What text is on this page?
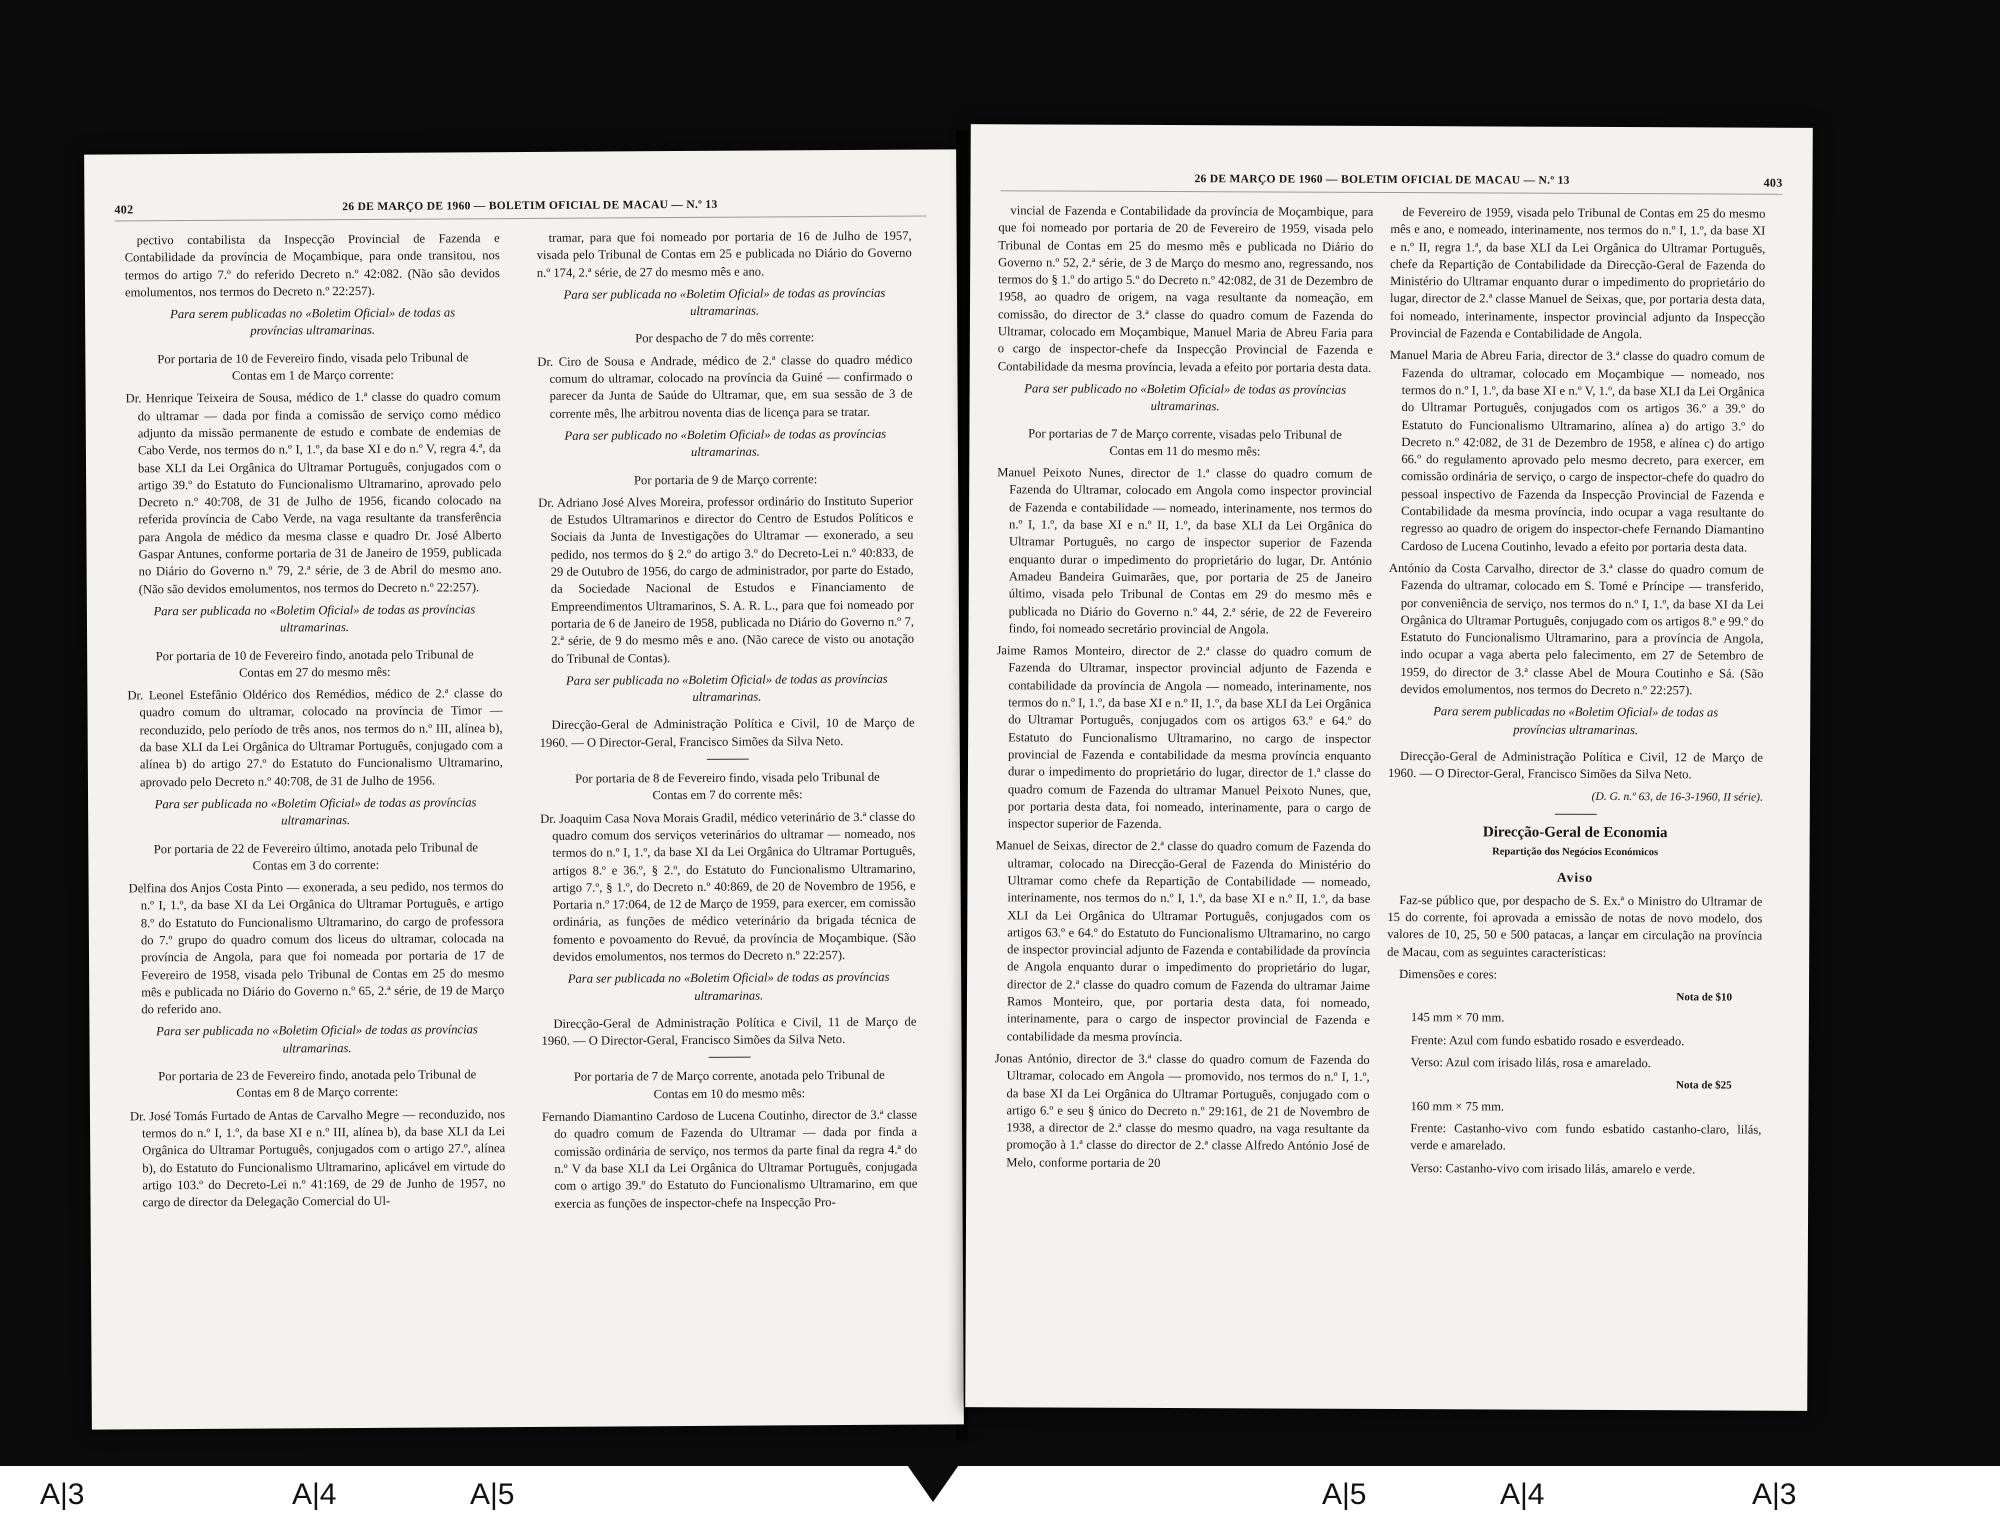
402	26 DE MARÇO DE 1960 — BOLETIM OFICIAL DE MACAU — N.º 13

pectivo contabilista da Inspecção Provincial de Fazenda e Contabilidade da província de Moçambique, para onde transitou, nos termos do artigo 7.º do referido Decreto n.º 42:082. (Não são devidos emolumentos, nos termos do Decreto n.º 22:257).

Para serem publicadas no «Boletim Oficial» de todas as províncias ultramarinas.

Por portaria de 10 de Fevereiro findo, visada pelo Tribunal de Contas em 1 de Março corrente:

Dr. Henrique Teixeira de Sousa, médico de 1.ª classe do quadro comum do ultramar — dada por finda a comissão de serviço como médico adjunto da missão permanente de estudo e combate de endemias de Cabo Verde, nos termos do n.º I, 1.º, da base XI e do n.º V, regra 4.ª, da base XLI da Lei Orgânica do Ultramar Português, conjugados com o artigo 39.º do Estatuto do Funcionalismo Ultramarino, aprovado pelo Decreto n.º 40:708, de 31 de Julho de 1956, ficando colocado na referida província de Cabo Verde, na vaga resultante da transferência para Angola de médico da mesma classe e quadro Dr. José Alberto Gaspar Antunes, conforme portaria de 31 de Janeiro de 1959, publicada no Diário do Governo n.º 79, 2.ª série, de 3 de Abril do mesmo ano. (Não são devidos emolumentos, nos termos do Decreto n.º 22:257).

Para ser publicada no «Boletim Oficial» de todas as províncias ultramarinas.

Por portaria de 10 de Fevereiro findo, anotada pelo Tribunal de Contas em 27 do mesmo mês:

Dr. Leonel Estefânio Oldérico dos Remédios, médico de 2.ª classe do quadro comum do ultramar, colocado na província de Timor — reconduzido, pelo período de três anos, nos termos do n.º III, alínea b), da base XLI da Lei Orgânica do Ultramar Português, conjugado com a alínea b) do artigo 27.º do Estatuto do Funcionalismo Ultramarino, aprovado pelo Decreto n.º 40:708, de 31 de Julho de 1956.

Para ser publicada no «Boletim Oficial» de todas as províncias ultramarinas.

Por portaria de 22 de Fevereiro último, anotada pelo Tribunal de Contas em 3 do corrente:

Delfina dos Anjos Costa Pinto — exonerada, a seu pedido, nos termos do n.º I, 1.º, da base XI da Lei Orgânica do Ultramar Português, e artigo 8.º do Estatuto do Funcionalismo Ultramarino, do cargo de professora do 7.º grupo do quadro comum dos liceus do ultramar, colocada na província de Angola, para que foi nomeada por portaria de 17 de Fevereiro de 1958, visada pelo Tribunal de Contas em 25 do mesmo mês e publicada no Diário do Governo n.º 65, 2.ª série, de 19 de Março do referido ano.

Para ser publicada no «Boletim Oficial» de todas as províncias ultramarinas.

Por portaria de 23 de Fevereiro findo, anotada pelo Tribunal de Contas em 8 de Março corrente:

Dr. José Tomás Furtado de Antas de Carvalho Megre — reconduzido, nos termos do n.º I, 1.º, da base XI e n.º III, alínea b), da base XLI da Lei Orgânica do Ultramar Português, conjugados com o artigo 27.º, alínea b), do Estatuto do Funcionalismo Ultramarino, aplicável em virtude do artigo 103.º do Decreto-Lei n.º 41:169, de 29 de Junho de 1957, no cargo de director da Delegação Comercial do Ul-

tramar, para que foi nomeado por portaria de 16 de Julho de 1957, visada pelo Tribunal de Contas em 25 e publicada no Diário do Governo n.º 174, 2.ª série, de 27 do mesmo mês e ano.

Para ser publicada no «Boletim Oficial» de todas as províncias ultramarinas.

Por despacho de 7 do mês corrente:

Dr. Ciro de Sousa e Andrade, médico de 2.ª classe do quadro médico comum do ultramar, colocado na província da Guiné — confirmado o parecer da Junta de Saúde do Ultramar, que, em sua sessão de 3 de corrente mês, lhe arbitrou noventa dias de licença para se tratar.

Para ser publicado no «Boletim Oficial» de todas as províncias ultramarinas.

Por portaria de 9 de Março corrente:

Dr. Adriano José Alves Moreira, professor ordinário do Instituto Superior de Estudos Ultramarinos e director do Centro de Estudos Políticos e Sociais da Junta de Investigações do Ultramar — exonerado, a seu pedido, nos termos do § 2.º do artigo 3.º do Decreto-Lei n.º 40:833, de 29 de Outubro de 1956, do cargo de administrador, por parte do Estado, da Sociedade Nacional de Estudos e Financiamento de Empreendimentos Ultramarinos, S. A. R. L., para que foi nomeado por portaria de 6 de Janeiro de 1958, publicada no Diário do Governo n.º 7, 2.ª série, de 9 do mesmo mês e ano. (Não carece de visto ou anotação do Tribunal de Contas).

Para ser publicada no «Boletim Oficial» de todas as províncias ultramarinas.

Direcção-Geral de Administração Política e Civil, 10 de Março de 1960. — O Director-Geral, Francisco Simões da Silva Neto.

Por portaria de 8 de Fevereiro findo, visada pelo Tribunal de Contas em 7 do corrente mês:

Dr. Joaquim Casa Nova Morais Gradil, médico veterinário de 3.ª classe do quadro comum dos serviços veterinários do ultramar — nomeado, nos termos do n.º I, 1.º, da base XI da Lei Orgânica do Ultramar Português, artigos 8.º e 36.º, § 2.º, do Estatuto do Funcionalismo Ultramarino, artigo 7.º, § 1.º, do Decreto n.º 40:869, de 20 de Novembro de 1956, e Portaria n.º 17:064, de 12 de Março de 1959, para exercer, em comissão ordinária, as funções de médico veterinário da brigada técnica de fomento e povoamento do Revué, da província de Moçambique. (São devidos emolumentos, nos termos do Decreto n.º 22:257).

Para ser publicada no «Boletim Oficial» de todas as províncias ultramarinas.

Direcção-Geral de Administração Política e Civil, 11 de Março de 1960. — O Director-Geral, Francisco Simões da Silva Neto.

Por portaria de 7 de Março corrente, anotada pelo Tribunal de Contas em 10 do mesmo mês:

Fernando Diamantino Cardoso de Lucena Coutinho, director de 3.ª classe do quadro comum de Fazenda do Ultramar — dada por finda a comissão ordinária de serviço, nos termos da parte final da regra 4.ª do n.º V da base XLI da Lei Orgânica do Ultramar Português, conjugada com o artigo 39.º do Estatuto do Funcionalismo Ultramarino, em que exercia as funções de inspector-chefe na Inspecção Pro-

26 DE MARÇO DE 1960 — BOLETIM OFICIAL DE MACAU — N.º 13	403

vincial de Fazenda e Contabilidade da província de Moçambique, para que foi nomeado por portaria de 20 de Fevereiro de 1959, visada pelo Tribunal de Contas em 25 do mesmo mês e publicada no Diário do Governo n.º 52, 2.ª série, de 3 de Março do mesmo ano, regressando, nos termos do § 1.º do artigo 5.º do Decreto n.º 42:082, de 31 de Dezembro de 1958, ao quadro de origem, na vaga resultante da nomeação, em comissão, do director de 3.ª classe do quadro comum de Fazenda do Ultramar, colocado em Moçambique, Manuel Maria de Abreu Faria para o cargo de inspector-chefe da Inspecção Provincial de Fazenda e Contabilidade da mesma província, levada a efeito por portaria desta data.

Para ser publicado no «Boletim Oficial» de todas as províncias ultramarinas.

Por portarias de 7 de Março corrente, visadas pelo Tribunal de Contas em 11 do mesmo mês:

Manuel Peixoto Nunes, director de 1.ª classe do quadro comum de Fazenda do Ultramar, colocado em Angola como inspector provincial de Fazenda e contabilidade — nomeado, interinamente, nos termos do n.º I, 1.º, da base XI e n.º II, 1.º, da base XLI da Lei Orgânica do Ultramar Português, no cargo de inspector superior de Fazenda enquanto durar o impedimento do proprietário do lugar, Dr. António Amadeu Bandeira Guimarães, que, por portaria de 25 de Janeiro último, visada pelo Tribunal de Contas em 29 do mesmo mês e publicada no Diário do Governo n.º 44, 2.ª série, de 22 de Fevereiro findo, foi nomeado secretário provincial de Angola.

Jaime Ramos Monteiro, director de 2.ª classe do quadro comum de Fazenda do Ultramar, inspector provincial adjunto de Fazenda e contabilidade da província de Angola — nomeado, interinamente, nos termos do n.º I, 1.º, da base XI e n.º II, 1.º, da base XLI da Lei Orgânica do Ultramar Português, conjugados com os artigos 63.º e 64.º do Estatuto do Funcionalismo Ultramarino, no cargo de inspector provincial de Fazenda e contabilidade da mesma província enquanto durar o impedimento do proprietário do lugar, director de 1.ª classe do quadro comum de Fazenda do ultramar Manuel Peixoto Nunes, que, por portaria desta data, foi nomeado, interinamente, para o cargo de inspector superior de Fazenda.

Manuel de Seixas, director de 2.ª classe do quadro comum de Fazenda do ultramar, colocado na Direcção-Geral de Fazenda do Ministério do Ultramar como chefe da Repartição de Contabilidade — nomeado, interinamente, nos termos do n.º I, 1.º, da base XI e n.º II, 1.º, da base XLI da Lei Orgânica do Ultramar Português, conjugados com os artigos 63.º e 64.º do Estatuto do Funcionalismo Ultramarino, no cargo de inspector provincial adjunto de Fazenda e contabilidade da província de Angola enquanto durar o impedimento do proprietário do lugar, director de 2.ª classe do quadro comum de Fazenda do ultramar Jaime Ramos Monteiro, que, por portaria desta data, foi nomeado, interinamente, para o cargo de inspector provincial de Fazenda e contabilidade da mesma província.

Jonas António, director de 3.ª classe do quadro comum de Fazenda do Ultramar, colocado em Angola — promovido, nos termos do n.º I, 1.º, da base XI da Lei Orgânica do Ultramar Português, conjugado com o artigo 6.º e seu § único do Decreto n.º 29:161, de 21 de Novembro de 1938, a director de 2.ª classe do mesmo quadro, na vaga resultante da promoção à 1.ª classe do director de 2.ª classe Alfredo António José de Melo, conforme portaria de 20

de Fevereiro de 1959, visada pelo Tribunal de Contas em 25 do mesmo mês e ano, e nomeado, interinamente, nos termos do n.º I, 1.º, da base XI e n.º II, regra 1.ª, da base XLI da Lei Orgânica do Ultramar Português, chefe da Repartição de Contabilidade da Direcção-Geral de Fazenda do Ministério do Ultramar enquanto durar o impedimento do proprietário do lugar, director de 2.ª classe Manuel de Seixas, que, por portaria desta data, foi nomeado, interinamente, inspector provincial adjunto da Inspecção Provincial de Fazenda e Contabilidade de Angola.

Manuel Maria de Abreu Faria, director de 3.ª classe do quadro comum de Fazenda do ultramar, colocado em Moçambique — nomeado, nos termos do n.º I, 1.º, da base XI e n.º V, 1.º, da base XLI da Lei Orgânica do Ultramar Português, conjugados com os artigos 36.º a 39.º do Estatuto do Funcionalismo Ultramarino, alínea a) do artigo 3.º do Decreto n.º 42:082, de 31 de Dezembro de 1958, e alínea c) do artigo 66.º do regulamento aprovado pelo mesmo decreto, para exercer, em comissão ordinária de serviço, o cargo de inspector-chefe do quadro do pessoal inspectivo de Fazenda da Inspecção Provincial de Fazenda e Contabilidade da mesma província, indo ocupar a vaga resultante do regresso ao quadro de origem do inspector-chefe Fernando Diamantino Cardoso de Lucena Coutinho, levado a efeito por portaria desta data.

António da Costa Carvalho, director de 3.ª classe do quadro comum de Fazenda do ultramar, colocado em S. Tomé e Príncipe — transferido, por conveniência de serviço, nos termos do n.º I, 1.º, da base XI da Lei Orgânica do Ultramar Português, conjugado com os artigos 8.º e 99.º do Estatuto do Funcionalismo Ultramarino, para a província de Angola, indo ocupar a vaga aberta pelo falecimento, em 27 de Setembro de 1959, do director de 3.ª classe Abel de Moura Coutinho e Sá. (São devidos emolumentos, nos termos do Decreto n.º 22:257).

Para serem publicadas no «Boletim Oficial» de todas as províncias ultramarinas.

Direcção-Geral de Administração Política e Civil, 12 de Março de 1960. — O Director-Geral, Francisco Simões da Silva Neto.

(D. G. n.º 63, de 16-3-1960, II série).

Direcção-Geral de Economia
Repartição dos Negócios Económicos
Aviso

Faz-se público que, por despacho de S. Ex.ª o Ministro do Ultramar de 15 do corrente, foi aprovada a emissão de notas de novo modelo, dos valores de 10, 25, 50 e 500 patacas, a lançar em circulação na província de Macau, com as seguintes características:

Dimensões e cores:

Nota de $10

145 mm × 70 mm.

Frente: Azul com fundo esbatido rosado e esverdeado.

Verso: Azul com irisado lilás, rosa e amarelado.

Nota de $25

160 mm × 75 mm.

Frente: Castanho-vivo com fundo esbatido castanho-claro, lilás, verde e amarelado.

Verso: Castanho-vivo com irisado lilás, amarelo e verde.

A|3	A|4	A|5	A|5	A|4	A|3
